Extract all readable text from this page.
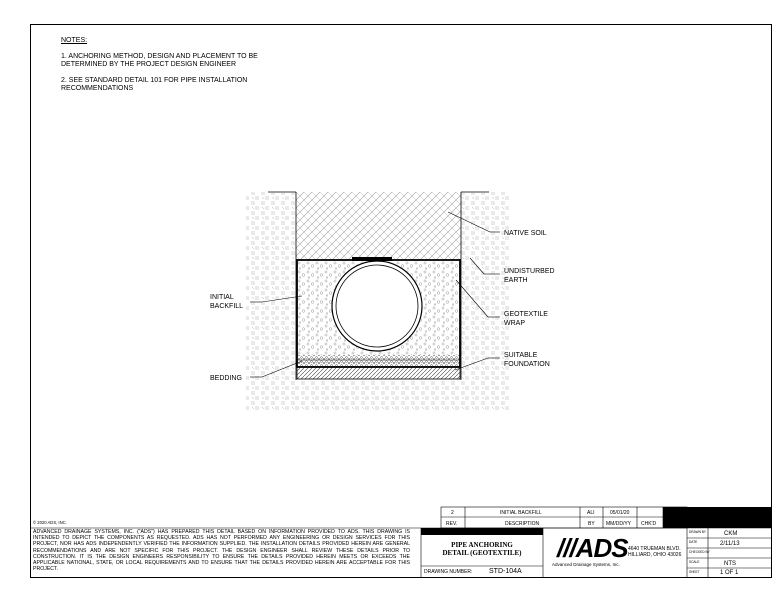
NOTES:
1. ANCHORING METHOD, DESIGN AND PLACEMENT TO BE DETERMINED BY THE PROJECT DESIGN ENGINEER
2. SEE STANDARD DETAIL 101 FOR PIPE INSTALLATION RECOMMENDATIONS
NATIVE SOIL
UNDISTURBED
EARTH
GEOTEXTILE
WRAP
SUITABLE
FOUNDATION
INITIAL
BACKFILL
BEDDING
2	INITIAL BACKFILL	ALI	05/01/20
REV.	DESCRIPTION	BY MM/DD/YY CHK'D
© 2020 ADS, INC.
ADVANCED DRAINAGE SYSTEMS, INC. ("ADS") HAS PREPARED THIS DETAIL BASED ON INFORMATION PROVIDED TO ADS. THIS DRAWING IS INTENDED TO DEPICT THE COMPONENTS AS REQUESTED. ADS HAS NOT PERFORMED ANY ENGINEERING OR DESIGN SERVICES FOR THIS PROJECT, NOR HAS ADS INDEPENDENTLY VERIFIED THE INFORMATION SUPPLIED. THE INSTALLATION DETAILS PROVIDED HEREIN ARE GENERAL RECOMMENDATIONS AND ARE NOT SPECIFIC FOR THIS PROJECT. THE DESIGN ENGINEER SHALL REVIEW THESE DETAILS PRIOR TO CONSTRUCTION. IT IS THE DESIGN ENGINEERS RESPONSIBILITY TO ENSURE THE DETAILS PROVIDED HEREIN MEETS OR EXCEEDS THE APPLICABLE NATIONAL, STATE, OR LOCAL REQUIREMENTS AND TO ENSURE THAT THE DETAILS PROVIDED HEREIN ARE ACCEPTABLE FOR THIS PROJECT.
PIPE ANCHORING
DETAIL (GEOTEXTILE)
DRAWING NUMBER: STD-104A
///ADS
Advanced Drainage Systems, Inc.
4640 TRUEMAN BLVD.
HILLIARD, OHIO 43026
DRAWN BY	CKM
DATE	2/11/13
CHECKED BY
SCALE	NTS
SHEET	1 OF 1
